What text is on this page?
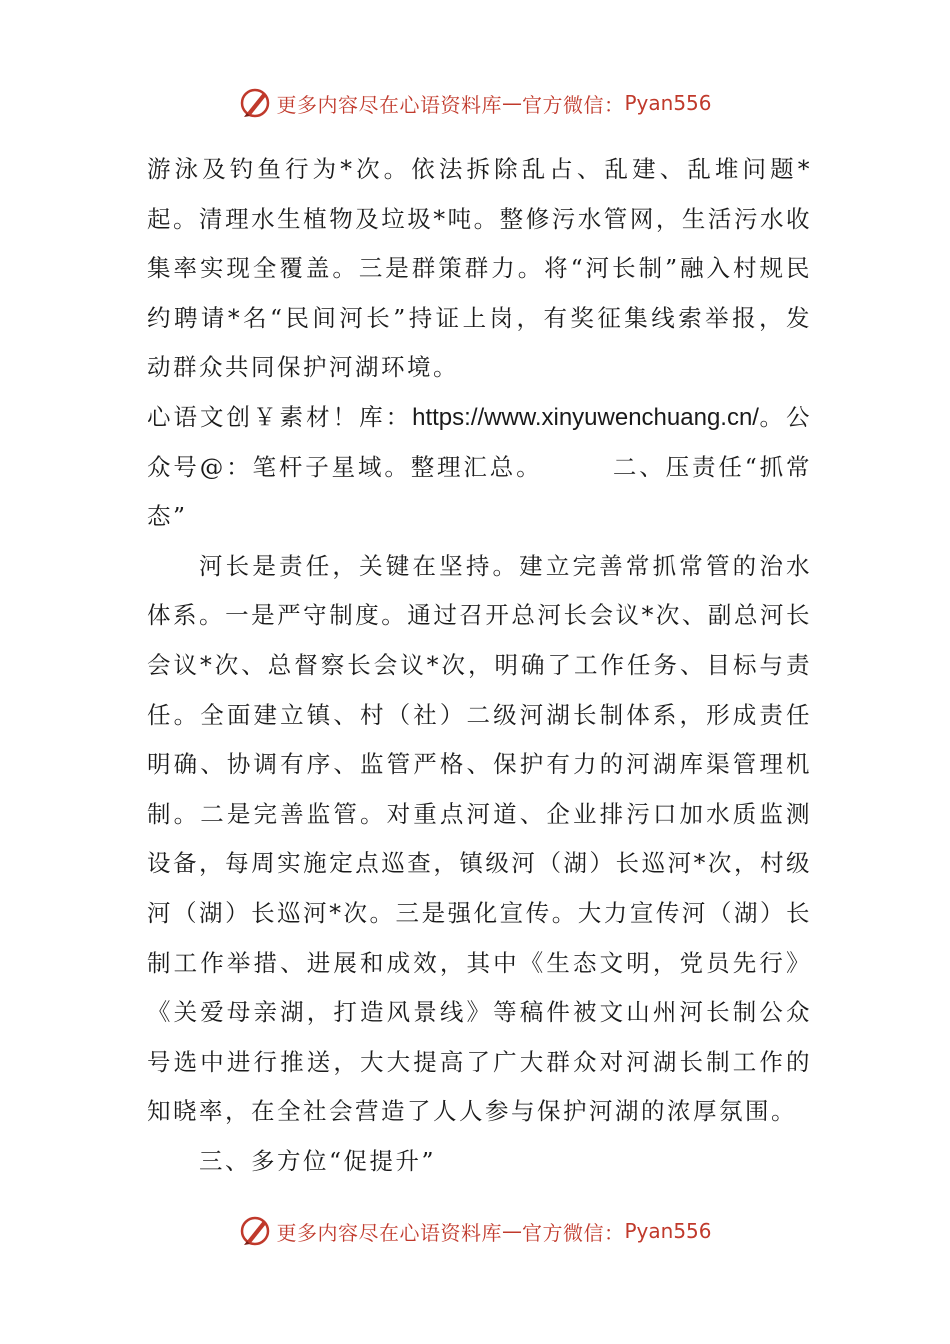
更多内容尽在心语资料库 — 官方微信： Pyan556

游泳及钓鱼行为*次。依法拆除乱占、乱建、乱堆问题*起。清理水生植物及垃圾*吨。整修污水管网，生活污水收集率实现全覆盖。三是群策群力。将“河长制”融入村规民约聘请*名“民间河长”持证上岗，有奖征集线索举报，发动群众共同保护河湖环境。

心语文创￥素材！库：https://www.xinyuwenchuang.cn/。公众号@：笔杆子星域。整理汇总。	二、压责任“抓常态”

河长是责任，关键在坚持。建立完善常抓常管的治水体系。一是严守制度。通过召开总河长会议*次、副总河长会议*次、总督察长会议*次，明确了工作任务、目标与责任。全面建立镇、村（社）二级河湖长制体系，形成责任明确、协调有序、监管严格、保护有力的河湖库渠管理机制。二是完善监管。对重点河道、企业排污口加水质监测设备，每周实施定点巡查，镇级河（湖）长巡河*次，村级河（湖）长巡河*次。三是强化宣传。大力宣传河（湖）长制工作举措、进展和成效，其中《生态文明，党员先行》《关爱母亲湖，打造风景线》等稿件被文山州河长制公众号选中进行推送，大大提高了广大群众对河湖长制工作的知晓率，在全社会营造了人人参与保护河湖的浓厚氛围。

三、多方位“促提升”

更多内容尽在心语资料库 — 官方微信： Pyan556
